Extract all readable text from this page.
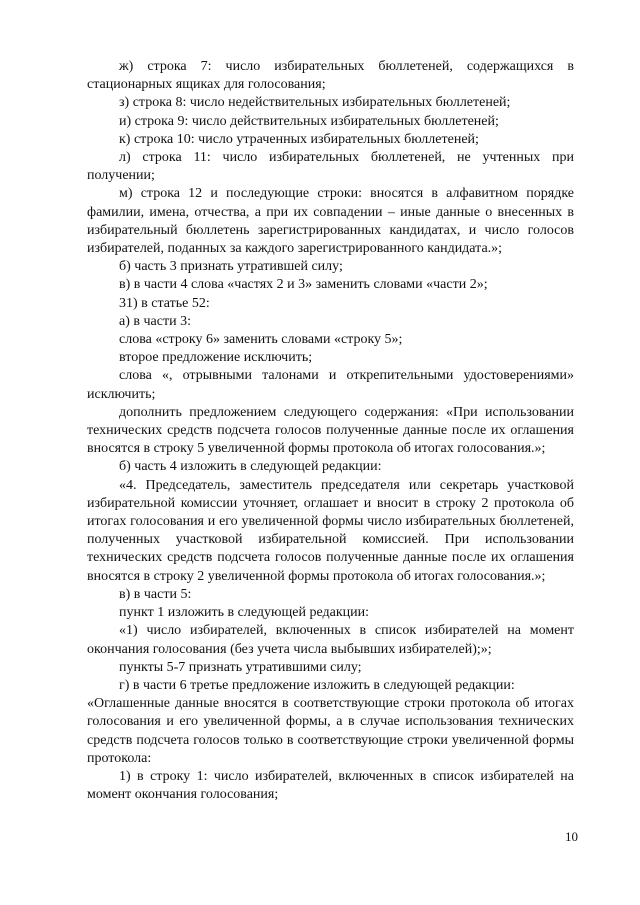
ж) строка 7: число избирательных бюллетеней, содержащихся в стационарных ящиках для голосования;

з) строка 8: число недействительных избирательных бюллетеней;

и) строка 9: число действительных избирательных бюллетеней;

к) строка 10: число утраченных избирательных бюллетеней;

л) строка 11: число избирательных бюллетеней, не учтенных при получении;

м) строка 12 и последующие строки: вносятся в алфавитном порядке фамилии, имена, отчества, а при их совпадении – иные данные о внесенных в избирательный бюллетень зарегистрированных кандидатах, и число голосов избирателей, поданных за каждого зарегистрированного кандидата.»;

б) часть 3 признать утратившей силу;

в) в части 4 слова «частях 2 и 3» заменить словами «части 2»;

31) в статье 52:

а) в части 3:

слова «строку 6» заменить словами «строку 5»;

второе предложение исключить;

слова «, отрывными талонами и открепительными удостоверениями» исключить;

дополнить предложением следующего содержания: «При использовании технических средств подсчета голосов полученные данные после их оглашения вносятся в строку 5 увеличенной формы протокола об итогах голосования.»;

б) часть 4 изложить в следующей редакции:

«4. Председатель, заместитель председателя или секретарь участковой избирательной комиссии уточняет, оглашает и вносит в строку 2 протокола об итогах голосования и его увеличенной формы число избирательных бюллетеней, полученных участковой избирательной комиссией. При использовании технических средств подсчета голосов полученные данные после их оглашения вносятся в строку 2 увеличенной формы протокола об итогах голосования.»;

в) в части 5:

пункт 1 изложить в следующей редакции:

«1) число избирателей, включенных в список избирателей на момент окончания голосования (без учета числа выбывших избирателей);»;

пункты 5-7 признать утратившими силу;

г) в части 6 третье предложение изложить в следующей редакции:

«Оглашенные данные вносятся в соответствующие строки протокола об итогах голосования и его увеличенной формы, а в случае использования технических средств подсчета голосов только в соответствующие строки увеличенной формы протокола:

1) в строку 1: число избирателей, включенных в список избирателей на момент окончания голосования;

10
